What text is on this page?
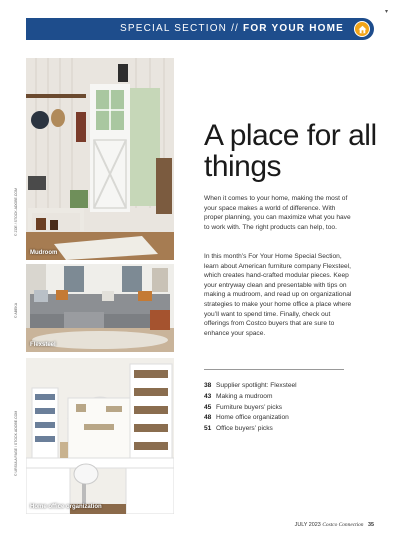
▾
SPECIAL SECTION // FOR YOUR HOME
Mudroom
© ZOE / STOCK.ADOBE.COM
Flexsteel
© ABEKA
Home office organization
© URSULA PAGE / STOCK.ADOBE.COM
A place for all things

When it comes to your home, making the most of your space makes a world of difference. With proper planning, you can maximize what you have to work with. The right products can help, too.

In this month’s For Your Home Special Section, learn about American furniture company Flexsteel, which creates hand-crafted modular pieces. Keep your entryway clean and presentable with tips on making a mudroom, and read up on organizational strategies to make your home office a place where you’ll want to spend time. Finally, check out offerings from Costco buyers that are sure to enhance your space.

38 Supplier spotlight: Flexsteel
43 Making a mudroom
45 Furniture buyers’ picks
48 Home office organization
51 Office buyers’ picks
JULY 2023 Costco Connection 35
